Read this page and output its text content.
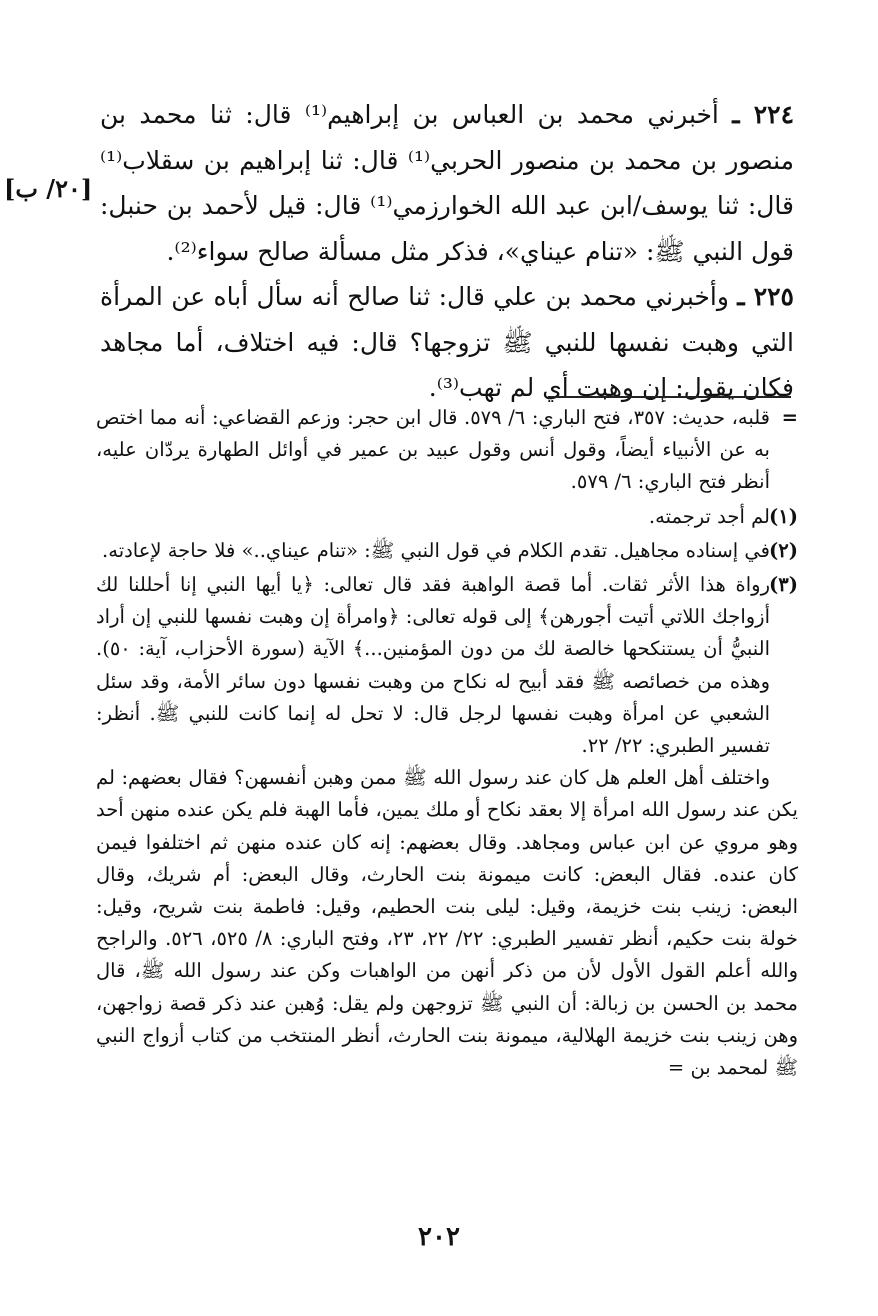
[۲۰/ ب]

۲۲٤ ـ أخبرني محمد بن العباس بن إبراهيم⁽¹⁾ قال: ثنا محمد بن منصور بن محمد بن منصور الحربي⁽¹⁾ قال: ثنا إبراهيم بن سقلاب⁽¹⁾ قال: ثنا يوسف/ابن عبد الله الخوارزمي⁽¹⁾ قال: قيل لأحمد بن حنبل: قول النبي ﷺ: «تنام عيناي»، فذكر مثل مسألة صالح سواء⁽²⁾.

۲۲٥ ـ وأخبرني محمد بن علي قال: ثنا صالح أنه سأل أباه عن المرأة التي وهبت نفسها للنبي ﷺ تزوجها؟ قال: فيه اختلاف، أما مجاهد فكان يقول: إن وهبت أي لم تهب⁽³⁾.

=
قلبه، حديث: ٣٥٧، فتح الباري: ٦/ ٥٧٩. قال ابن حجر: وزعم القضاعي: أنه مما اختص به عن الأنبياء أيضاً، وقول أنس وقول عبيد بن عمير في أوائل الطهارة يردّان عليه، أنظر فتح الباري: ٦/ ٥٧٩.
(١)
لم أجد ترجمته.
(٢)
في إسناده مجاهيل. تقدم الكلام في قول النبي ﷺ: «تنام عيناي..» فلا حاجة لإعادته.
(٣)
رواة هذا الأثر ثقات. أما قصة الواهبة فقد قال تعالى: ﴿يا أيها النبي إنا أحللنا لك أزواجك اللاتي أتيت أجورهن﴾ إلى قوله تعالى: ﴿وامرأة إن وهبت نفسها للنبي إن أراد النبيُّ أن يستنكحها خالصة لك من دون المؤمنين...﴾ الآية (سورة الأحزاب، آية: ٥٠). وهذه من خصائصه ﷺ فقد أبيح له نكاح من وهبت نفسها دون سائر الأمة، وقد سئل الشعبي عن امرأة وهبت نفسها لرجل قال: لا تحل له إنما كانت للنبي ﷺ. أنظر: تفسير الطبري: ٢٢/ ٢٢.

واختلف أهل العلم هل كان عند رسول الله ﷺ ممن وهبن أنفسهن؟ فقال بعضهم: لم يكن عند رسول الله امرأة إلا بعقد نكاح أو ملك يمين، فأما الهبة فلم يكن عنده منهن أحد وهو مروي عن ابن عباس ومجاهد. وقال بعضهم: إنه كان عنده منهن ثم اختلفوا فيمن كان عنده. فقال البعض: كانت ميمونة بنت الحارث، وقال البعض: أم شريك، وقال البعض: زينب بنت خزيمة، وقيل: ليلى بنت الحطيم، وقيل: فاطمة بنت شريح، وقيل: خولة بنت حكيم، أنظر تفسير الطبري: ٢٢/ ٢٢، ٢٣، وفتح الباري: ٨/ ٥٢٥، ٥٢٦. والراجح والله أعلم القول الأول لأن من ذكر أنهن من الواهبات وكن عند رسول الله ﷺ، قال محمد بن الحسن بن زبالة: أن النبي ﷺ تزوجهن ولم يقل: وُهبن عند ذكر قصة زواجهن، وهن زينب بنت خزيمة الهلالية، ميمونة بنت الحارث، أنظر المنتخب من كتاب أزواج النبي ﷺ لمحمد بن =

٢٠٢
